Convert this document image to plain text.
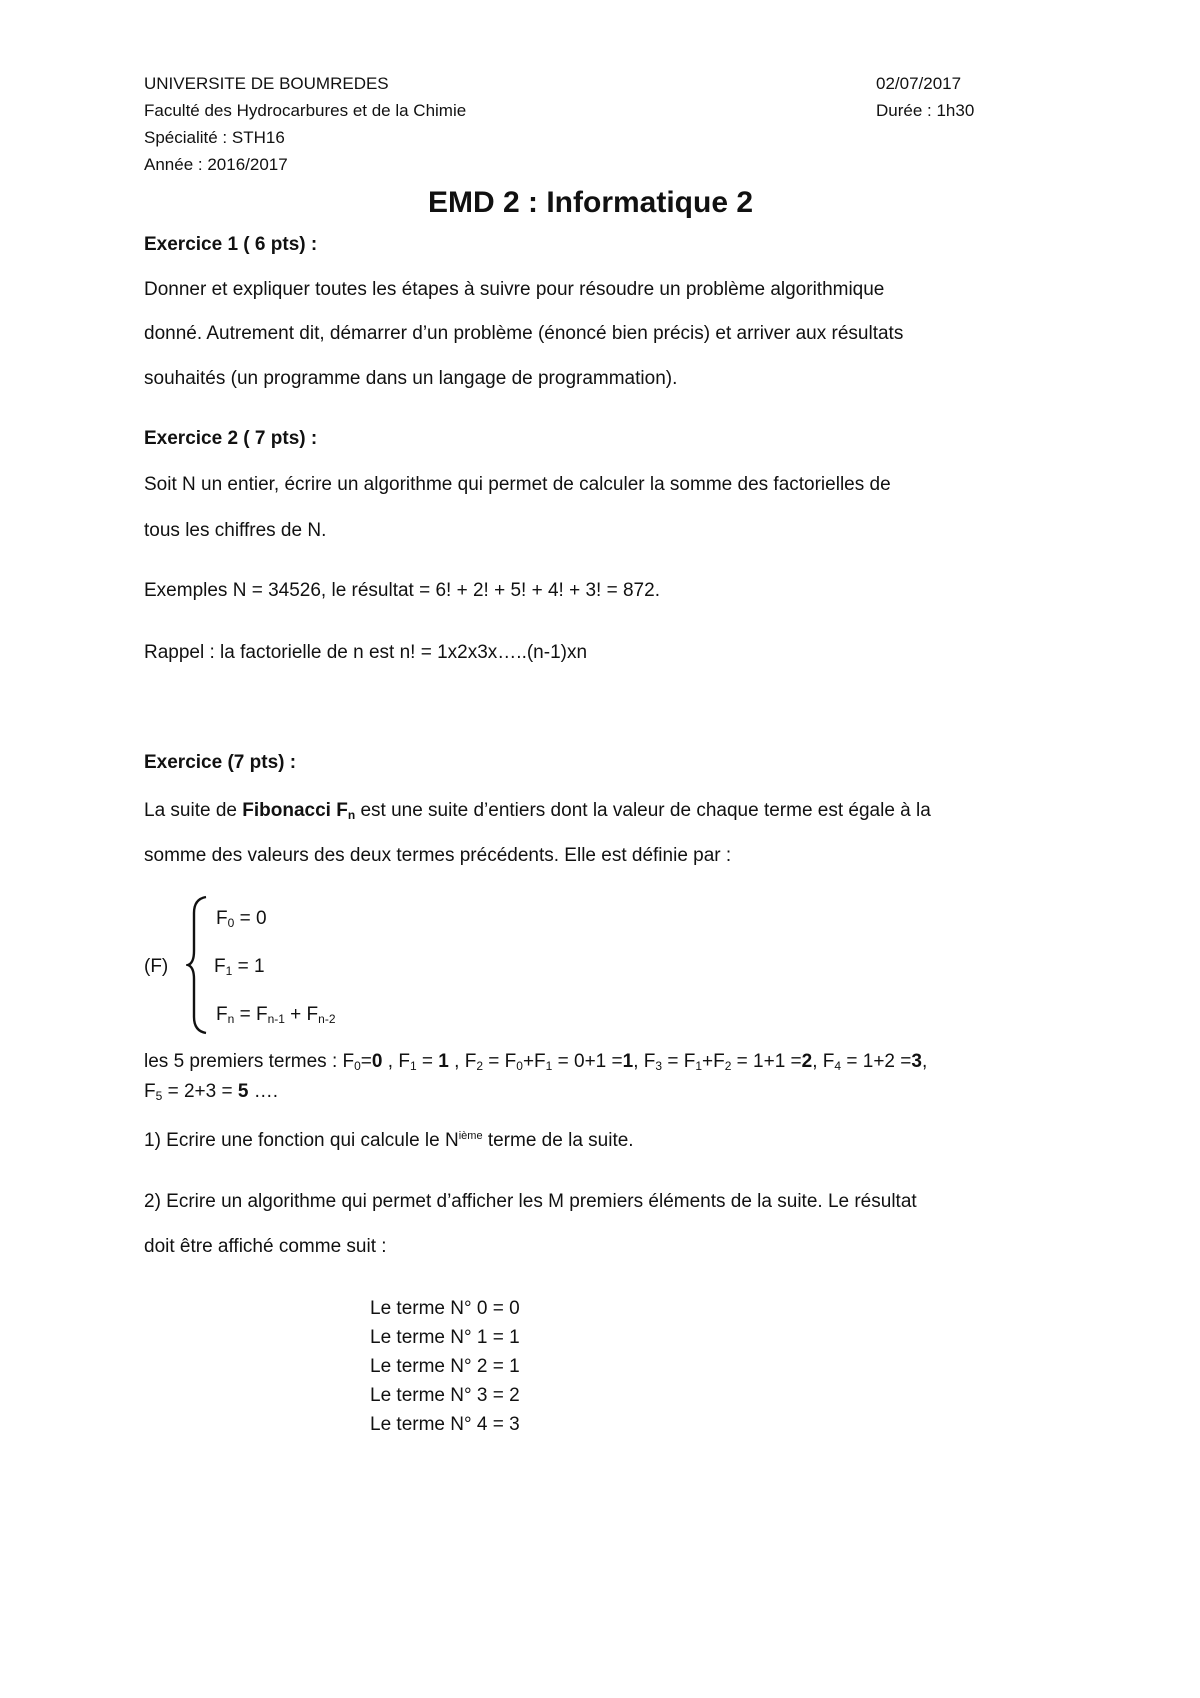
UNIVERSITE DE BOUMREDES
Faculté des Hydrocarbures et de la Chimie
Spécialité : STH16
Année : 2016/2017
02/07/2017
Durée : 1h30
EMD 2 : Informatique 2
Exercice 1 ( 6 pts) :
Donner et expliquer toutes les étapes à suivre pour résoudre un problème algorithmique
donné. Autrement dit, démarrer d’un problème (énoncé bien précis) et arriver aux résultats
souhaités (un programme dans un langage de programmation).
Exercice 2 ( 7 pts) :
Soit N un entier, écrire un algorithme qui permet de calculer la somme des factorielles de
tous les chiffres de N.
Exemples N = 34526, le résultat = 6! + 2! + 5! + 4! + 3! = 872.
Rappel : la factorielle de n est n! = 1x2x3x…..(n-1)xn
Exercice (7 pts) :
La suite de Fibonacci $F_n$ est une suite d’entiers dont la valeur de chaque terme est égale à la
somme des valeurs des deux termes précédents. Elle est définie par :
(F)
$F_0 = 0$
$F_1 = 1$
$F_n = F_{n-1} + F_{n-2}$
les 5 premiers termes : $F_0=0$ , $F_1 = 1$ , $F_2 = F_0+F_1 = 0+1 =1$, $F_3 = F_1+F_2 = 1+1 =2$, $F_4 = 1+2 =3$,
$F_5 = 2+3 = 5$ ….
1) Ecrire une fonction qui calcule le $N^{ième}$ terme de la suite.
2) Ecrire un algorithme qui permet d’afficher les M premiers éléments de la suite. Le résultat
doit être affiché comme suit :
Le terme N° 0 = 0
Le terme N° 1 = 1
Le terme N° 2 = 1
Le terme N° 3 = 2
Le terme N° 4 = 3
